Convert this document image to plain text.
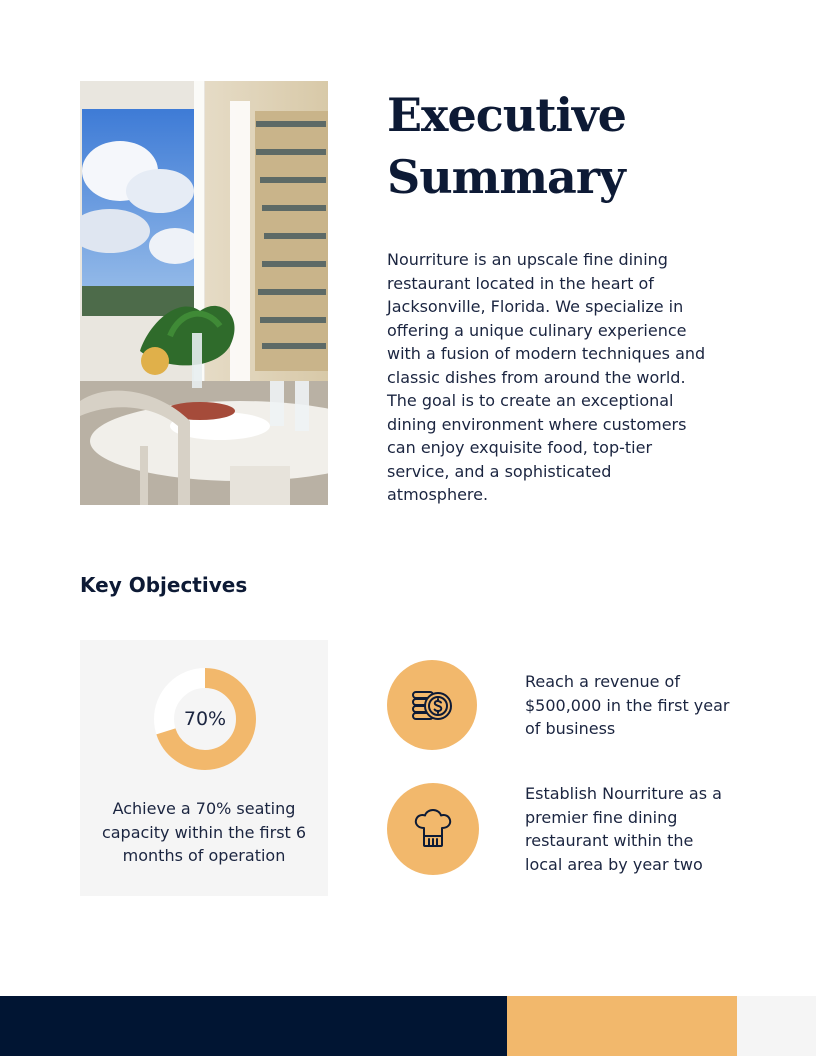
Executive
Summary

Nourriture is an upscale fine dining restaurant located in the heart of Jacksonville, Florida. We specialize in offering a unique culinary experience with a fusion of modern techniques and classic dishes from around the world. The goal is to create an exceptional dining environment where customers can enjoy exquisite food, top-tier service, and a sophisticated atmosphere.

Key Objectives
70%

Achieve a 70% seating capacity within the first 6 months of operation

Reach a revenue of $500,000 in the first year of business

Establish Nourriture as a premier fine dining restaurant within the local area by year two
